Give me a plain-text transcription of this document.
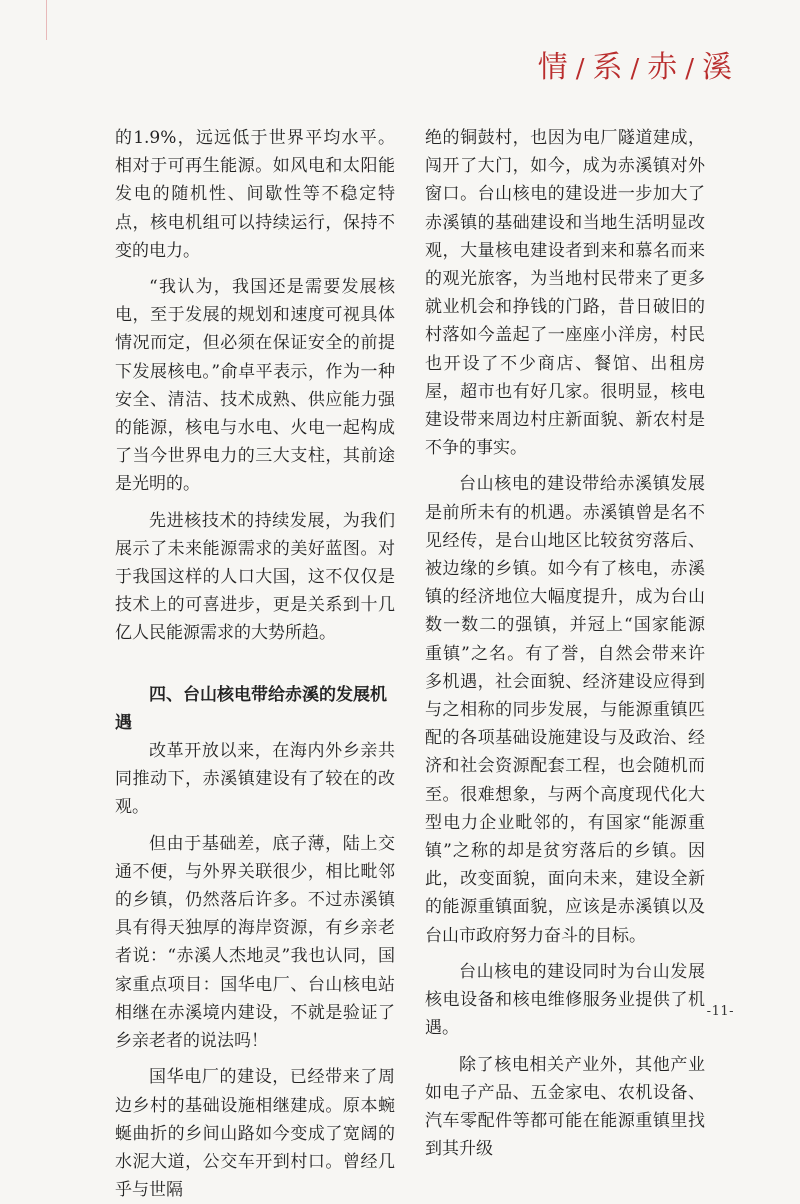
情 / 系 / 赤 / 溪

的1.9%，远远低于世界平均水平。相对于可再生能源。如风电和太阳能发电的随机性、间歇性等不稳定特点，核电机组可以持续运行，保持不变的电力。

“我认为，我国还是需要发展核电，至于发展的规划和速度可视具体情况而定，但必须在保证安全的前提下发展核电。”俞卓平表示，作为一种安全、清洁、技术成熟、供应能力强的能源，核电与水电、火电一起构成了当今世界电力的三大支柱，其前途是光明的。

先进核技术的持续发展，为我们展示了未来能源需求的美好蓝图。对于我国这样的人口大国，这不仅仅是技术上的可喜进步，更是关系到十几亿人民能源需求的大势所趋。

四、台山核电带给赤溪的发展机遇

改革开放以来，在海内外乡亲共同推动下，赤溪镇建设有了较在的改观。

但由于基础差，底子薄，陆上交通不便，与外界关联很少，相比毗邻的乡镇，仍然落后许多。不过赤溪镇具有得天独厚的海岸资源，有乡亲老者说：“赤溪人杰地灵”我也认同，国家重点项目：国华电厂、台山核电站相继在赤溪境内建设，不就是验证了乡亲老者的说法吗！

国华电厂的建设，已经带来了周边乡村的基础设施相继建成。原本蜿蜒曲折的乡间山路如今变成了宽阔的水泥大道，公交车开到村口。曾经几乎与世隔

绝的铜鼓村，也因为电厂隧道建成，闯开了大门，如今，成为赤溪镇对外窗口。台山核电的建设进一步加大了赤溪镇的基础建设和当地生活明显改观，大量核电建设者到来和慕名而来的观光旅客，为当地村民带来了更多就业机会和挣钱的门路，昔日破旧的村落如今盖起了一座座小洋房，村民也开设了不少商店、餐馆、出租房屋，超市也有好几家。很明显，核电建设带来周边村庄新面貌、新农村是不争的事实。

台山核电的建设带给赤溪镇发展是前所未有的机遇。赤溪镇曾是名不见经传，是台山地区比较贫穷落后、被边缘的乡镇。如今有了核电，赤溪镇的经济地位大幅度提升，成为台山数一数二的强镇，并冠上“国家能源重镇”之名。有了誉，自然会带来许多机遇，社会面貌、经济建设应得到与之相称的同步发展，与能源重镇匹配的各项基础设施建设与及政治、经济和社会资源配套工程，也会随机而至。很难想象，与两个高度现代化大型电力企业毗邻的，有国家“能源重镇”之称的却是贫穷落后的乡镇。因此，改变面貌，面向未来，建设全新的能源重镇面貌，应该是赤溪镇以及台山市政府努力奋斗的目标。

台山核电的建设同时为台山发展核电设备和核电维修服务业提供了机遇。

除了核电相关产业外，其他产业如电子产品、五金家电、农机设备、汽车零配件等都可能在能源重镇里找到其升级

-11-
